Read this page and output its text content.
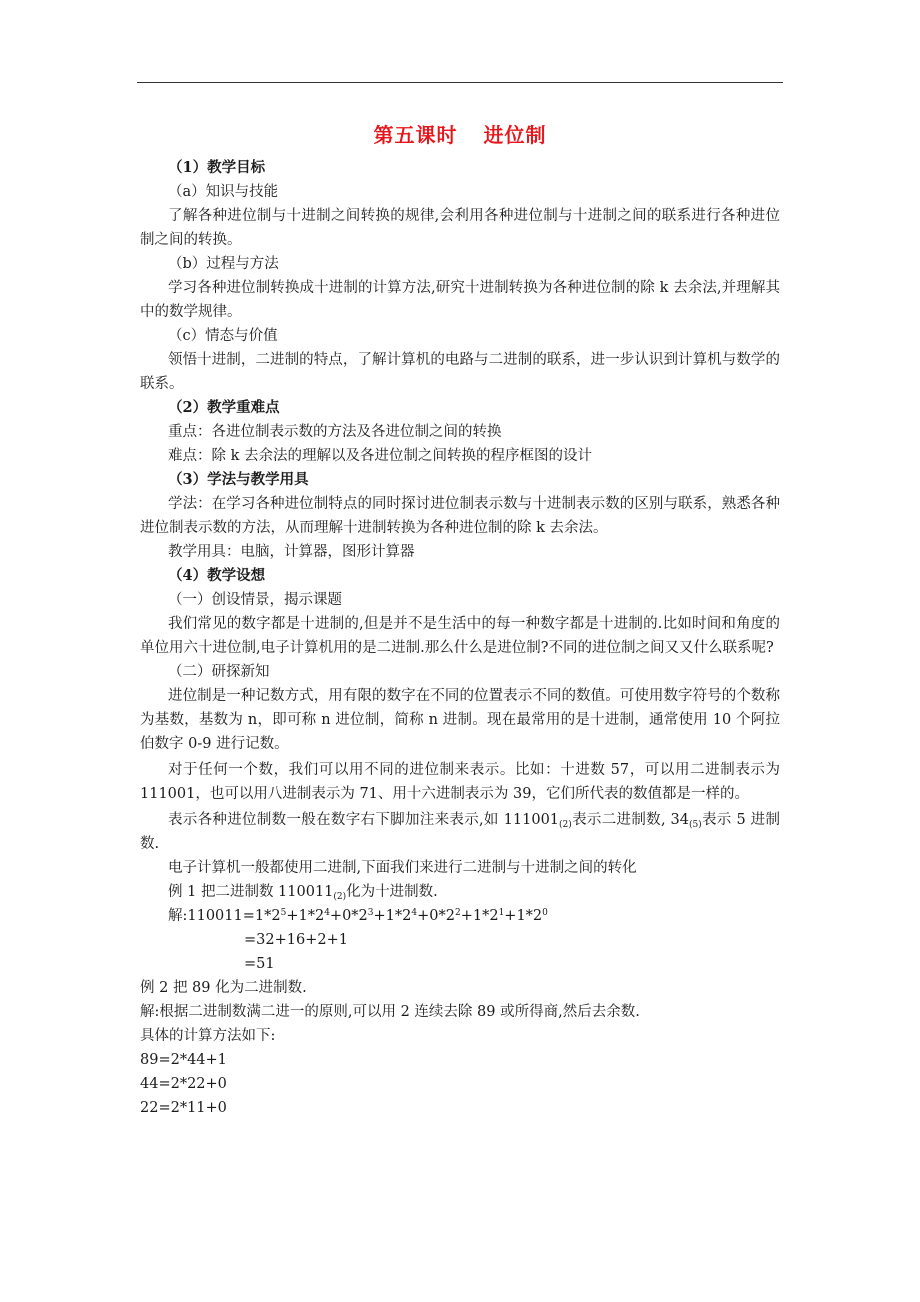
第五课时 进位制

（1）教学目标

（a）知识与技能

了解各种进位制与十进制之间转换的规律,会利用各种进位制与十进制之间的联系进行各种进位制之间的转换。

（b）过程与方法

学习各种进位制转换成十进制的计算方法,研究十进制转换为各种进位制的除 k 去余法,并理解其中的数学规律。

（c）情态与价值

领悟十进制，二进制的特点，了解计算机的电路与二进制的联系，进一步认识到计算机与数学的联系。

（2）教学重难点

重点：各进位制表示数的方法及各进位制之间的转换

难点：除 k 去余法的理解以及各进位制之间转换的程序框图的设计

（3）学法与教学用具

学法：在学习各种进位制特点的同时探讨进位制表示数与十进制表示数的区别与联系，熟悉各种进位制表示数的方法，从而理解十进制转换为各种进位制的除 k 去余法。

教学用具：电脑，计算器，图形计算器

（4）教学设想

（一）创设情景，揭示课题

我们常见的数字都是十进制的,但是并不是生活中的每一种数字都是十进制的.比如时间和角度的单位用六十进位制,电子计算机用的是二进制.那么什么是进位制?不同的进位制之间又又什么联系呢?

（二）研探新知

进位制是一种记数方式，用有限的数字在不同的位置表示不同的数值。可使用数字符号的个数称为基数，基数为 n，即可称 n 进位制，简称 n 进制。现在最常用的是十进制，通常使用 10 个阿拉伯数字 0-9 进行记数。

对于任何一个数，我们可以用不同的进位制来表示。比如：十进数 57，可以用二进制表示为 111001，也可以用八进制表示为 71、用十六进制表示为 39，它们所代表的数值都是一样的。

表示各种进位制数一般在数字右下脚加注来表示,如 $111001_{(2)}$表示二进制数, $34_{(5)}$表示 5 进制数.

电子计算机一般都使用二进制,下面我们来进行二进制与十进制之间的转化

例 1 把二进制数 $110011_{(2)}$化为十进制数.

解$:110011=1*2^5+1*2^4+0*2^3+1*2^4+0*2^2+1*2^1+1*2^0$

=32+16+2+1

=51

例 2 把 89 化为二进制数.

解:根据二进制数满二进一的原则,可以用 2 连续去除 89 或所得商,然后去余数.

具体的计算方法如下:

89=2*44+1

44=2*22+0

22=2*11+0
